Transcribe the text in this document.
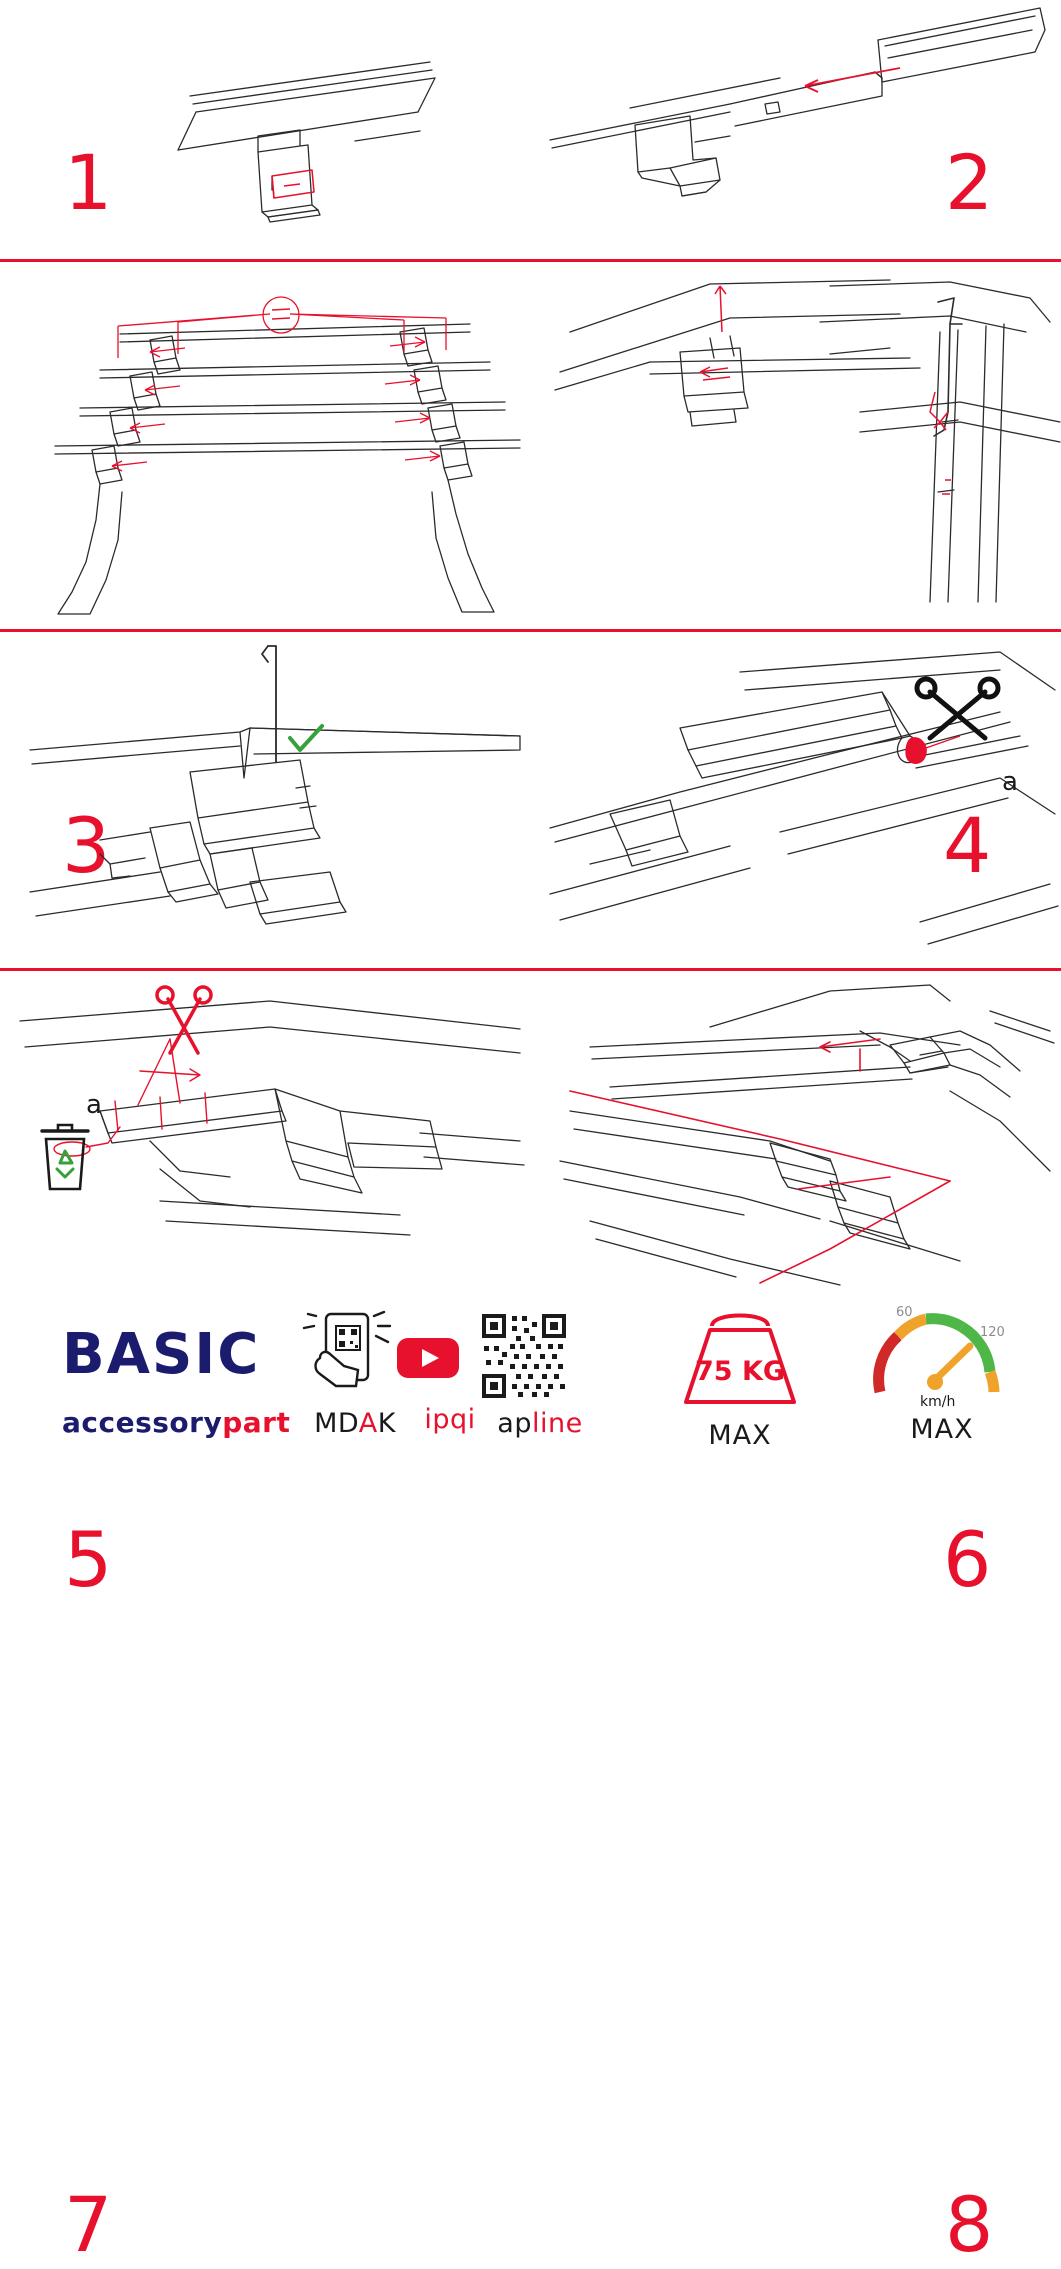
1	2
3	4
5
a
6
a
7	8
BASIC
accessorypart MDAK	ipqi apline
75 KG
MAX
60
120
km/h
MAX
